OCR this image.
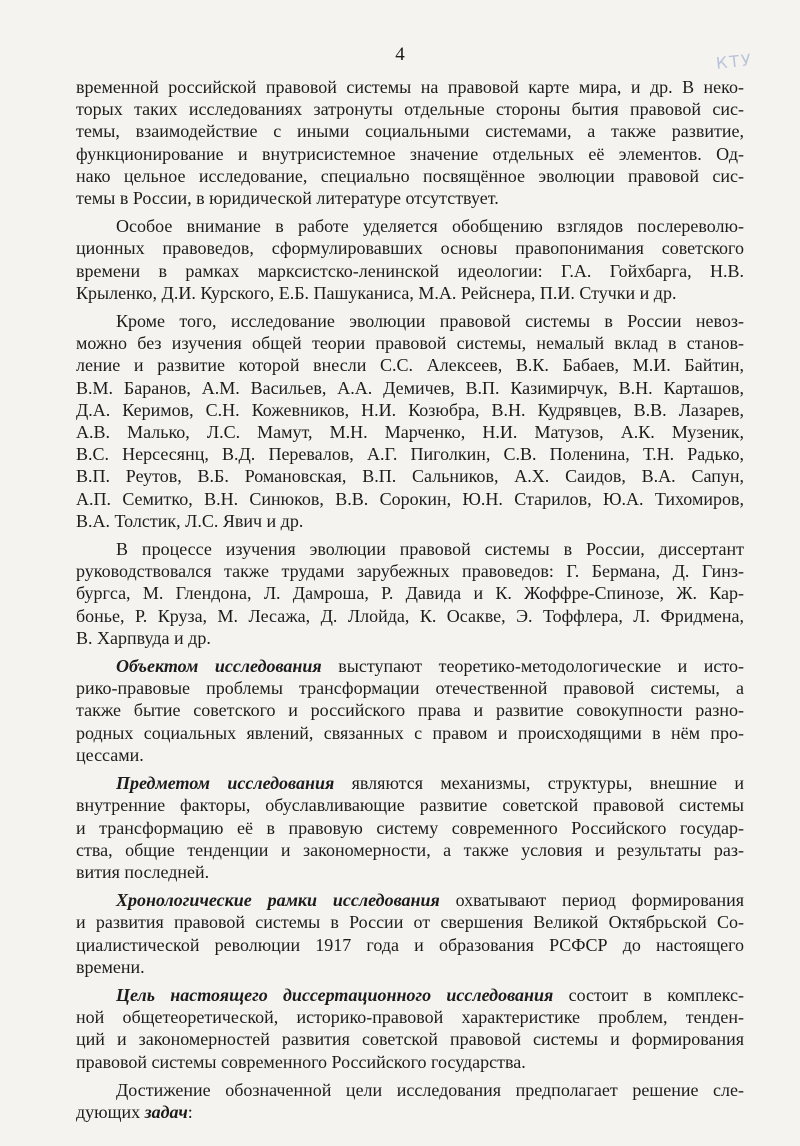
4	КТУ
временной российской правовой системы на правовой карте мира, и др. В неко-
торых таких исследованиях затронуты отдельные стороны бытия правовой сис-
темы, взаимодействие с иными социальными системами, а также развитие,
функционирование и внутрисистемное значение отдельных её элементов. Од-
нако цельное исследование, специально посвящённое эволюции правовой сис-
темы в России, в юридической литературе отсутствует.
Особое внимание в работе уделяется обобщению взглядов послереволю-
ционных правоведов, сформулировавших основы правопонимания советского
времени в рамках марксистско-ленинской идеологии: Г.А. Гойхбарга, Н.В.
Крыленко, Д.И. Курского, Е.Б. Пашуканиса, М.А. Рейснера, П.И. Стучки и др.
Кроме того, исследование эволюции правовой системы в России невоз-
можно без изучения общей теории правовой системы, немалый вклад в станов-
ление и развитие которой внесли С.С. Алексеев, В.К. Бабаев, М.И. Байтин,
В.М. Баранов, А.М. Васильев, А.А. Демичев, В.П. Казимирчук, В.Н. Карташов,
Д.А. Керимов, С.Н. Кожевников, Н.И. Козюбра, В.Н. Кудрявцев, В.В. Лазарев,
А.В. Малько, Л.С. Мамут, М.Н. Марченко, Н.И. Матузов, А.К. Музеник,
В.С. Нерсесянц, В.Д. Перевалов, А.Г. Пиголкин, С.В. Поленина, Т.Н. Радько,
В.П. Реутов, В.Б. Романовская, В.П. Сальников, А.Х. Саидов, В.А. Сапун,
А.П. Семитко, В.Н. Синюков, В.В. Сорокин, Ю.Н. Старилов, Ю.А. Тихомиров,
В.А. Толстик, Л.С. Явич и др.
В процессе изучения эволюции правовой системы в России, диссертант
руководствовался также трудами зарубежных правоведов: Г. Бермана, Д. Гинз-
бургса, М. Глендона, Л. Дамроша, Р. Давида и К. Жоффре-Спинозе, Ж. Кар-
бонье, Р. Круза, М. Лесажа, Д. Ллойда, К. Осакве, Э. Тоффлера, Л. Фридмена,
В. Харпвуда и др.
Объектом исследования выступают теоретико-методологические и исто-
рико-правовые проблемы трансформации отечественной правовой системы, а
также бытие советского и российского права и развитие совокупности разно-
родных социальных явлений, связанных с правом и происходящими в нём про-
цессами.
Предметом исследования являются механизмы, структуры, внешние и
внутренние факторы, обуславливающие развитие советской правовой системы
и трансформацию её в правовую систему современного Российского государ-
ства, общие тенденции и закономерности, а также условия и результаты раз-
вития последней.
Хронологические рамки исследования охватывают период формирования
и развития правовой системы в России от свершения Великой Октябрьской Со-
циалистической революции 1917 года и образования РСФСР до настоящего
времени.
Цель настоящего диссертационного исследования состоит в комплекс-
ной общетеоретической, историко-правовой характеристике проблем, тенден-
ций и закономерностей развития советской правовой системы и формирования
правовой системы современного Российского государства.
Достижение обозначенной цели исследования предполагает решение сле-
дующих задач:
